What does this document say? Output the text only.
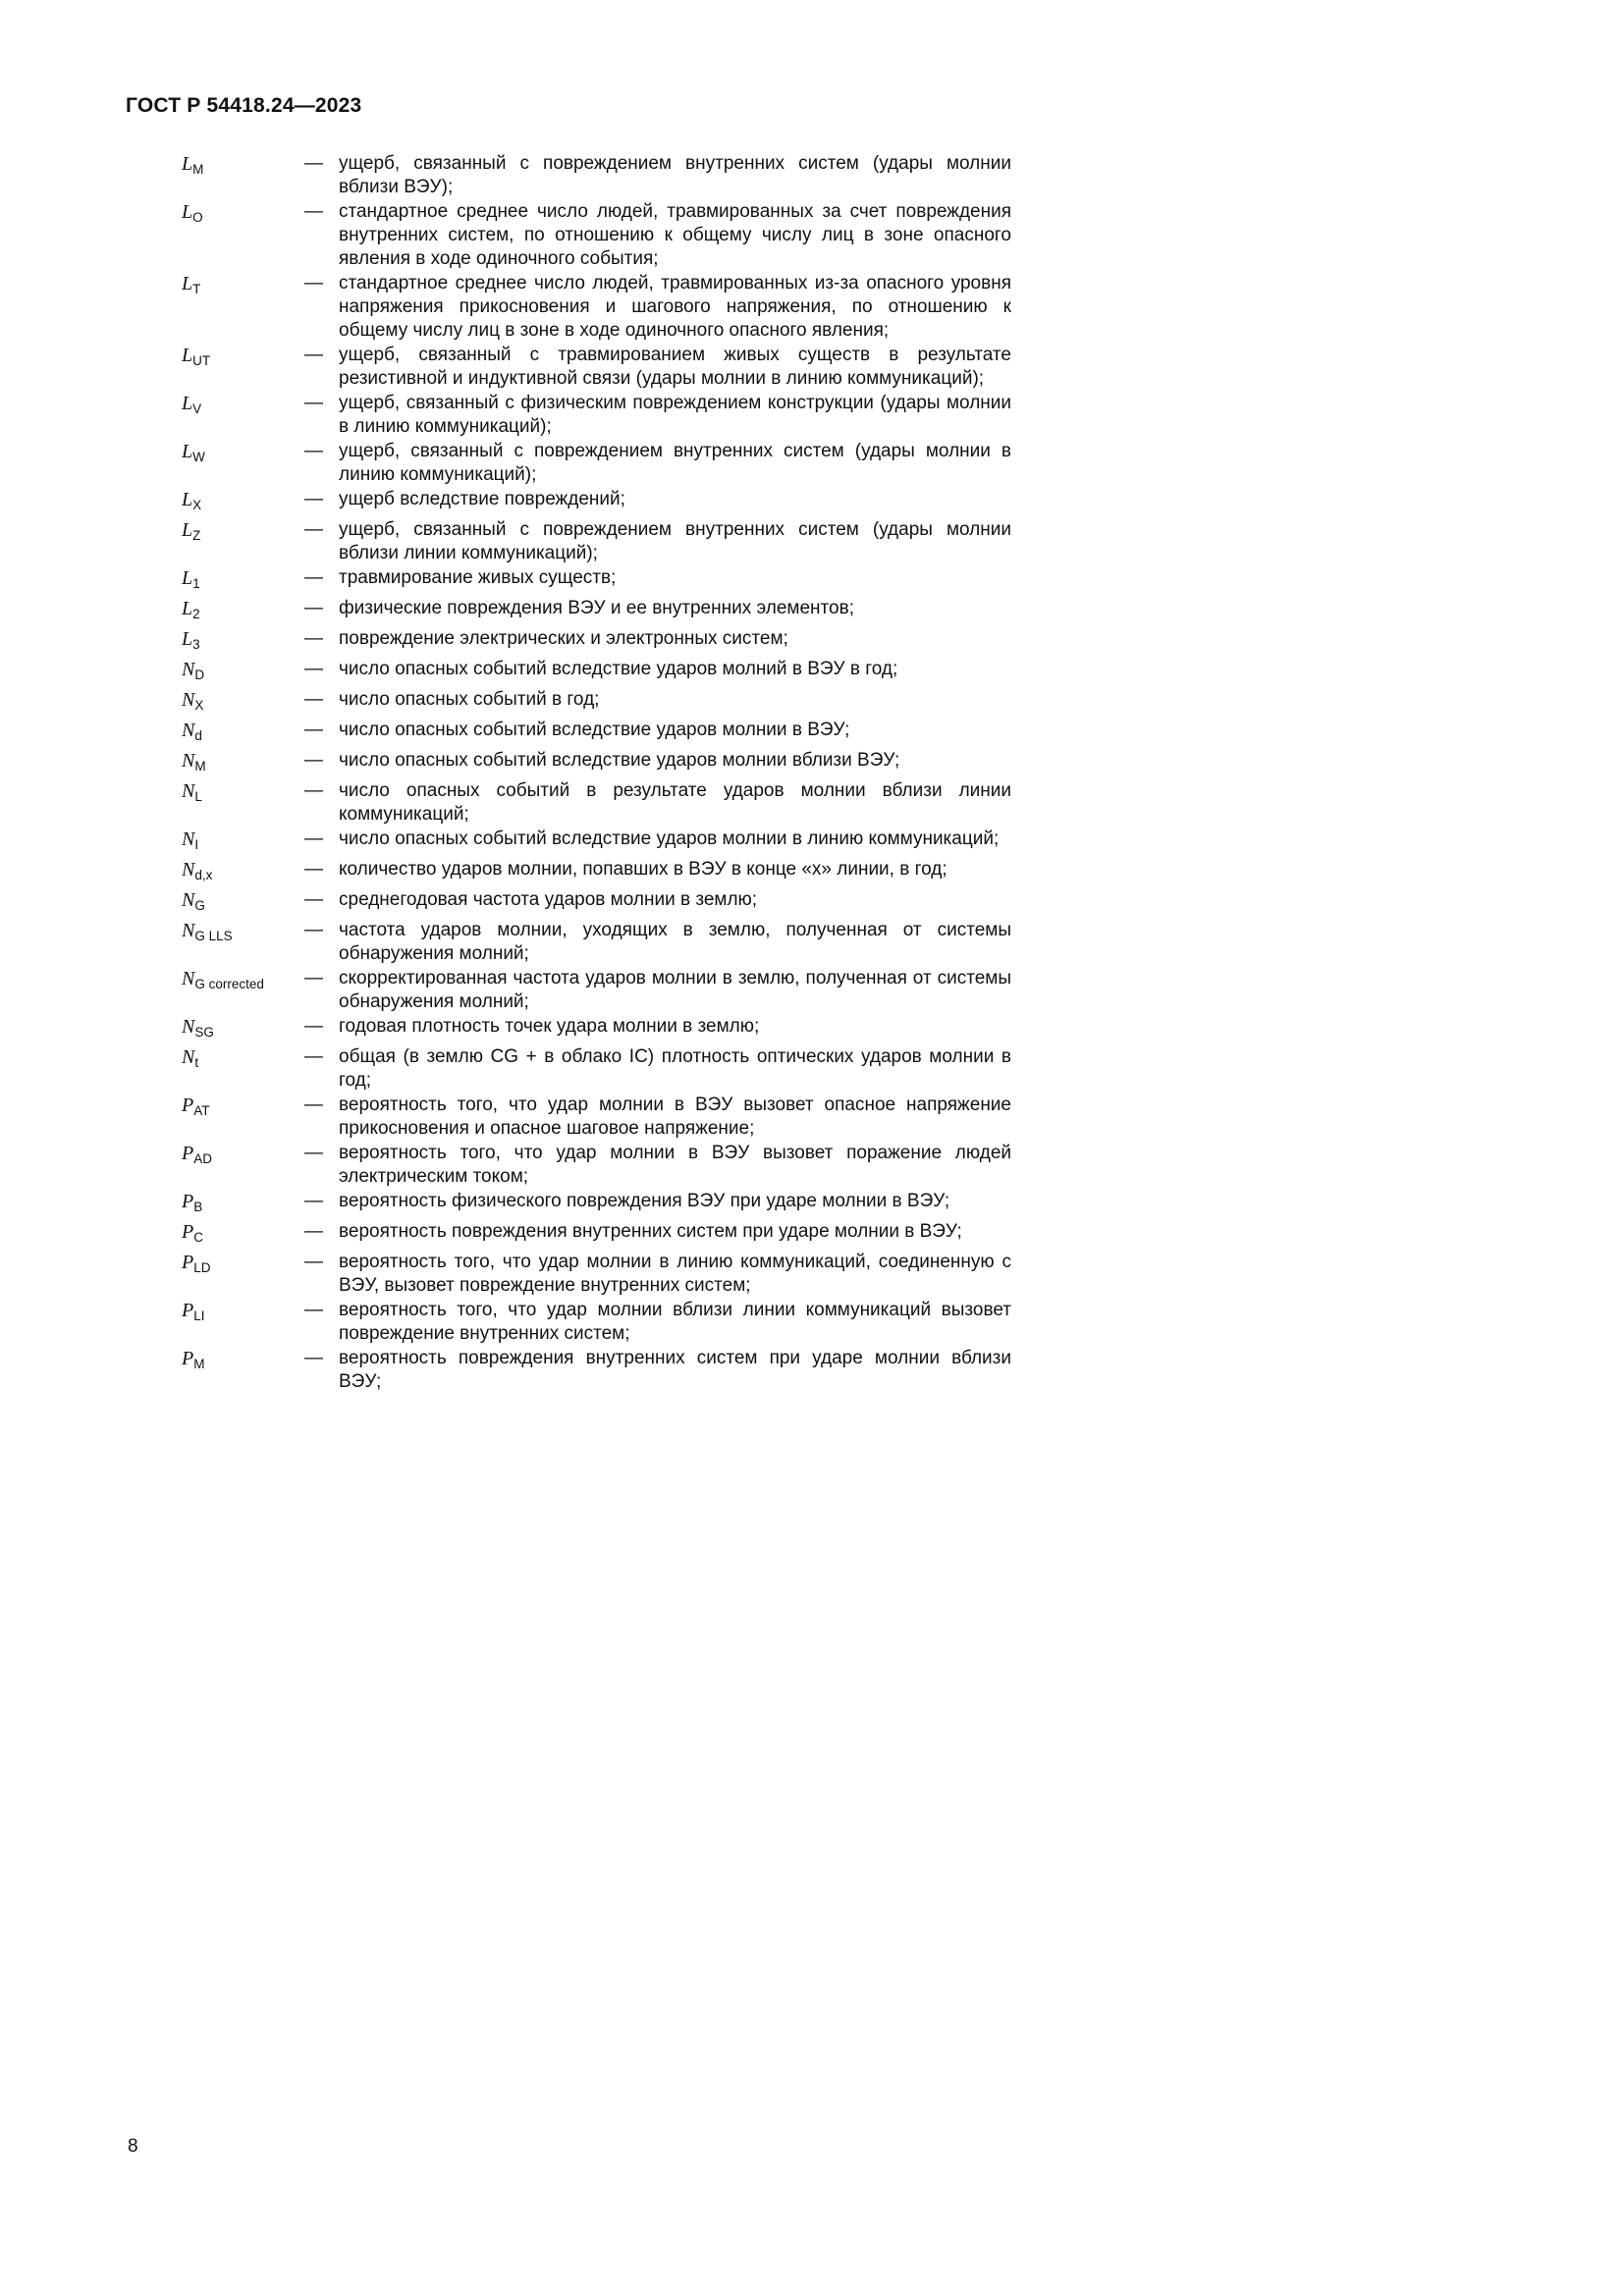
ГОСТ Р 54418.24—2023
$L_M$	— ущерб, связанный с повреждением внутренних систем (удары молнии вблизи ВЭУ);
$L_O$	— стандартное среднее число людей, травмированных за счет повреждения внутренних систем, по отношению к общему числу лиц в зоне опасного явления в ходе одиночного события;
$L_T$	— стандартное среднее число людей, травмированных из-за опасного уровня напряжения прикосновения и шагового напряжения, по отношению к общему числу лиц в зоне в ходе одиночного опасного явления;
$L_{UT}$	— ущерб, связанный с травмированием живых существ в результате резистивной и индуктивной связи (удары молнии в линию коммуникаций);
$L_V$	— ущерб, связанный с физическим повреждением конструкции (удары молнии в линию коммуникаций);
$L_W$	— ущерб, связанный с повреждением внутренних систем (удары молнии в линию коммуникаций);
$L_X$	— ущерб вследствие повреждений;
$L_Z$	— ущерб, связанный с повреждением внутренних систем (удары молнии вблизи линии коммуникаций);
$L_1$	— травмирование живых существ;
$L_2$	— физические повреждения ВЭУ и ее внутренних элементов;
$L_3$	— повреждение электрических и электронных систем;
$N_D$	— число опасных событий вследствие ударов молний в ВЭУ в год;
$N_X$	— число опасных событий в год;
$N_d$	— число опасных событий вследствие ударов молнии в ВЭУ;
$N_M$	— число опасных событий вследствие ударов молнии вблизи ВЭУ;
$N_L$	— число опасных событий в результате ударов молнии вблизи линии коммуникаций;
$N_I$	— число опасных событий вследствие ударов молнии в линию коммуникаций;
$N_{d,x}$	— количество ударов молнии, попавших в ВЭУ в конце «х» линии, в год;
$N_G$	— среднегодовая частота ударов молнии в землю;
$N_{G LLS}$	— частота ударов молнии, уходящих в землю, полученная от системы обнаружения молний;
$N_{G corrected}$	— скорректированная частота ударов молнии в землю, полученная от системы обнаружения молний;
$N_{SG}$	— годовая плотность точек удара молнии в землю;
$N_t$	— общая (в землю CG + в облако IC) плотность оптических ударов молнии в год;
$P_{AT}$	— вероятность того, что удар молнии в ВЭУ вызовет опасное напряжение прикосновения и опасное шаговое напряжение;
$P_{AD}$	— вероятность того, что удар молнии в ВЭУ вызовет поражение людей электрическим током;
$P_B$	— вероятность физического повреждения ВЭУ при ударе молнии в ВЭУ;
$P_C$	— вероятность повреждения внутренних систем при ударе молнии в ВЭУ;
$P_{LD}$	— вероятность того, что удар молнии в линию коммуникаций, соединенную с ВЭУ, вызовет повреждение внутренних систем;
$P_{LI}$	— вероятность того, что удар молнии вблизи линии коммуникаций вызовет повреждение внутренних систем;
$P_M$	— вероятность повреждения внутренних систем при ударе молнии вблизи ВЭУ;
8
